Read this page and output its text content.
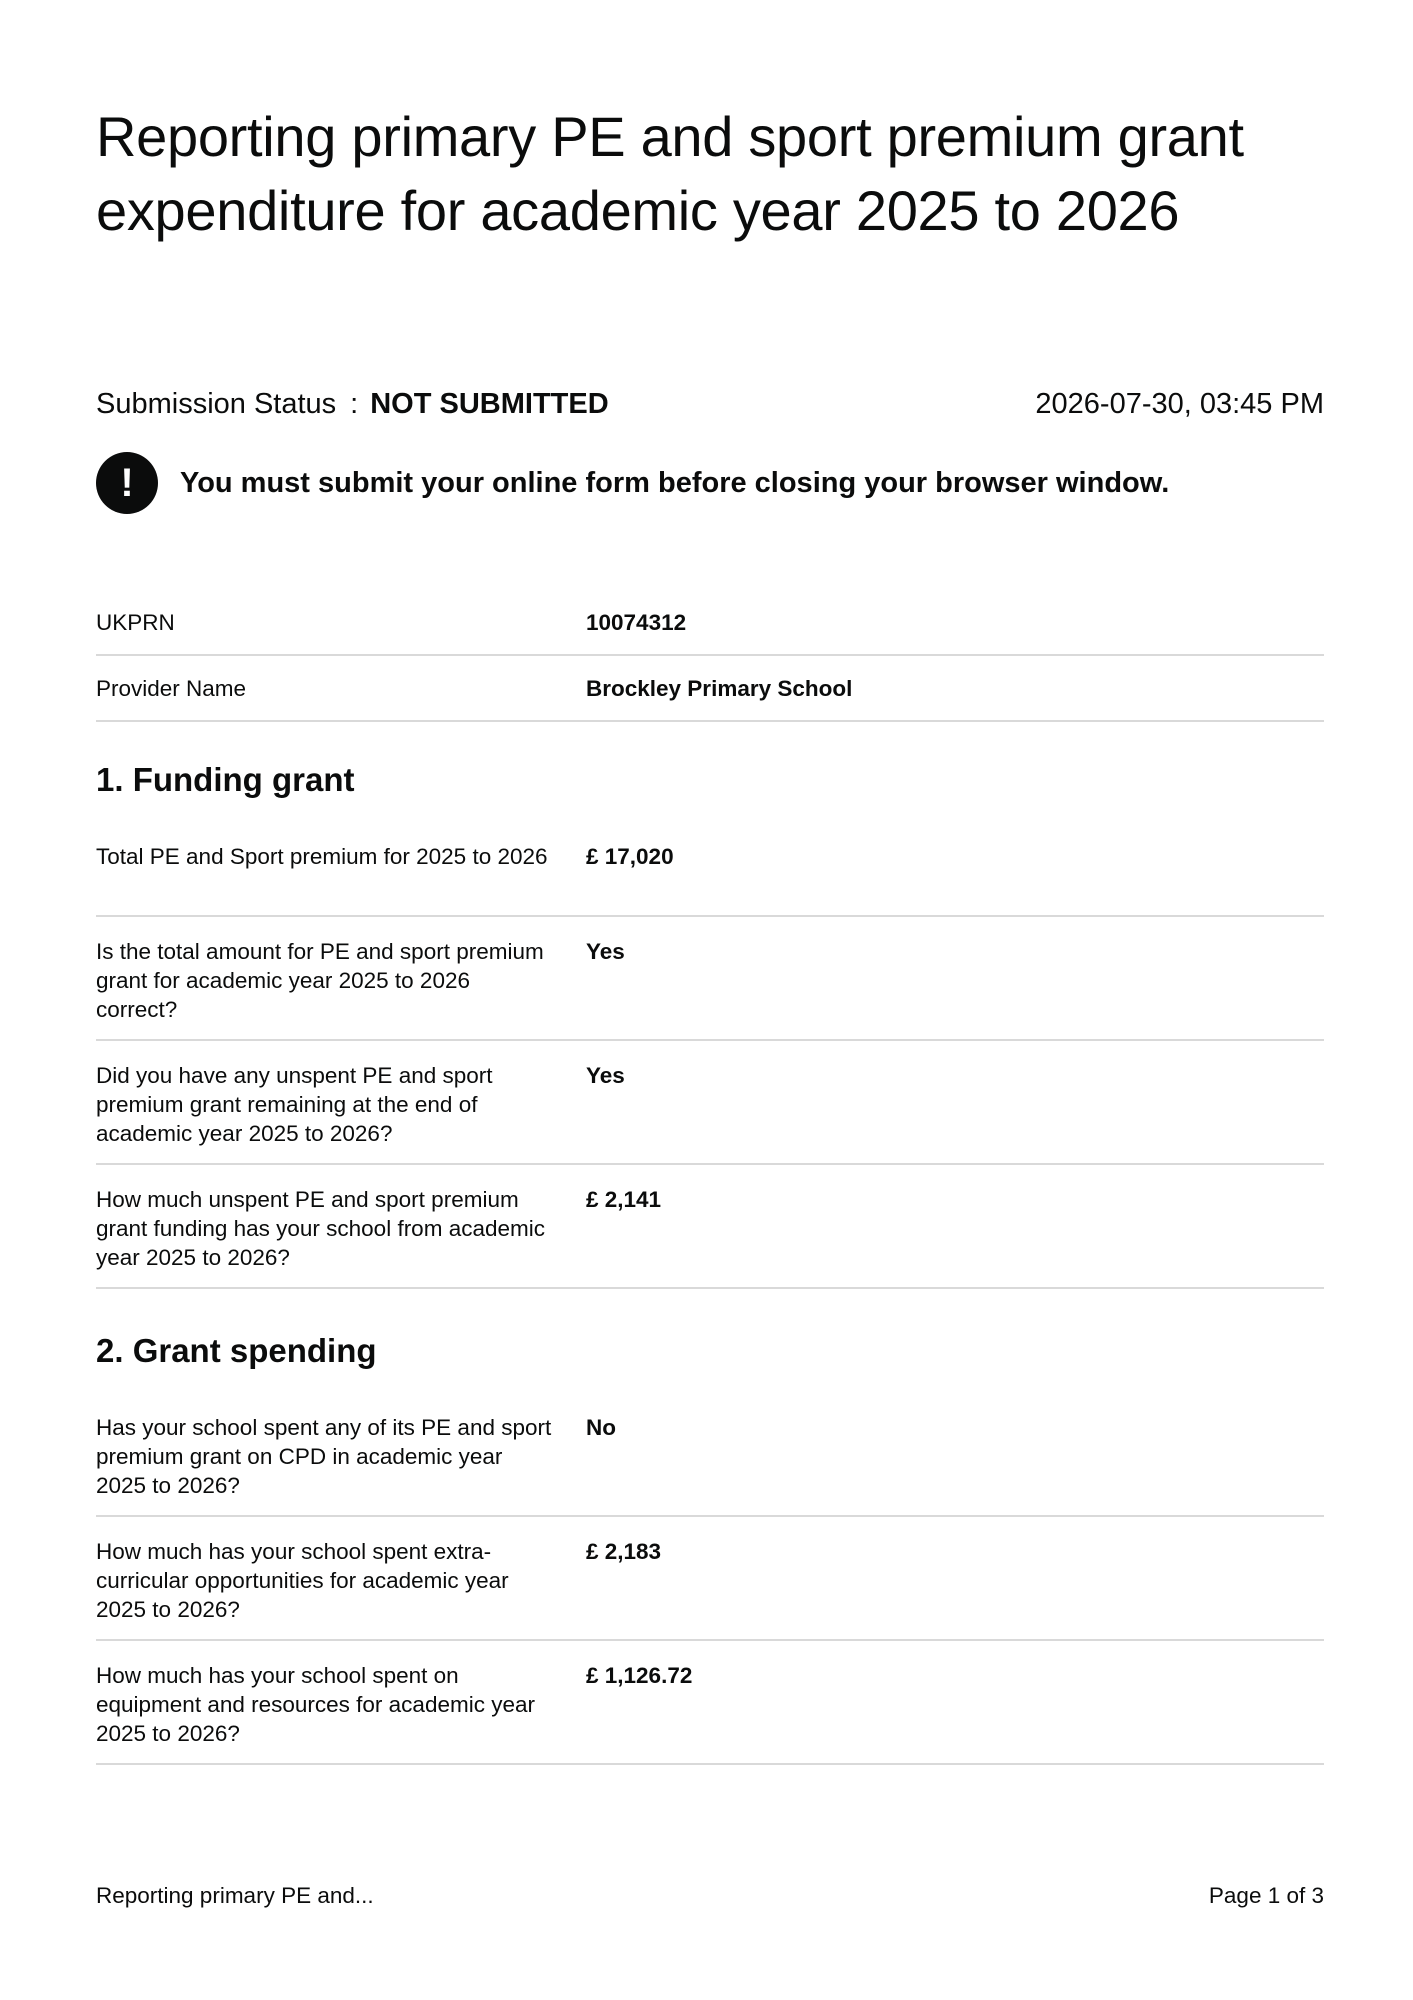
Reporting primary PE and sport premium grant expenditure for academic year 2025 to 2026
Submission Status : NOT SUBMITTED	2026-07-30, 03:45 PM
!	You must submit your online form before closing your browser window.
UKPRN	10074312
Provider Name	Brockley Primary School
1. Funding grant
Total PE and Sport premium for 2025 to 2026	£ 17,020
Is the total amount for PE and sport premium grant for academic year 2025 to 2026 correct?
Yes
Did you have any unspent PE and sport premium grant remaining at the end of academic year 2025 to 2026?
Yes
How much unspent PE and sport premium grant funding has your school from academic year 2025 to 2026?
£ 2,141
2. Grant spending
Has your school spent any of its PE and sport premium grant on CPD in academic year 2025 to 2026?
No
How much has your school spent extra-curricular opportunities for academic year 2025 to 2026?
£ 2,183
How much has your school spent on equipment and resources for academic year 2025 to 2026?
£ 1,126.72
Reporting primary PE and...	Page 1 of 3
